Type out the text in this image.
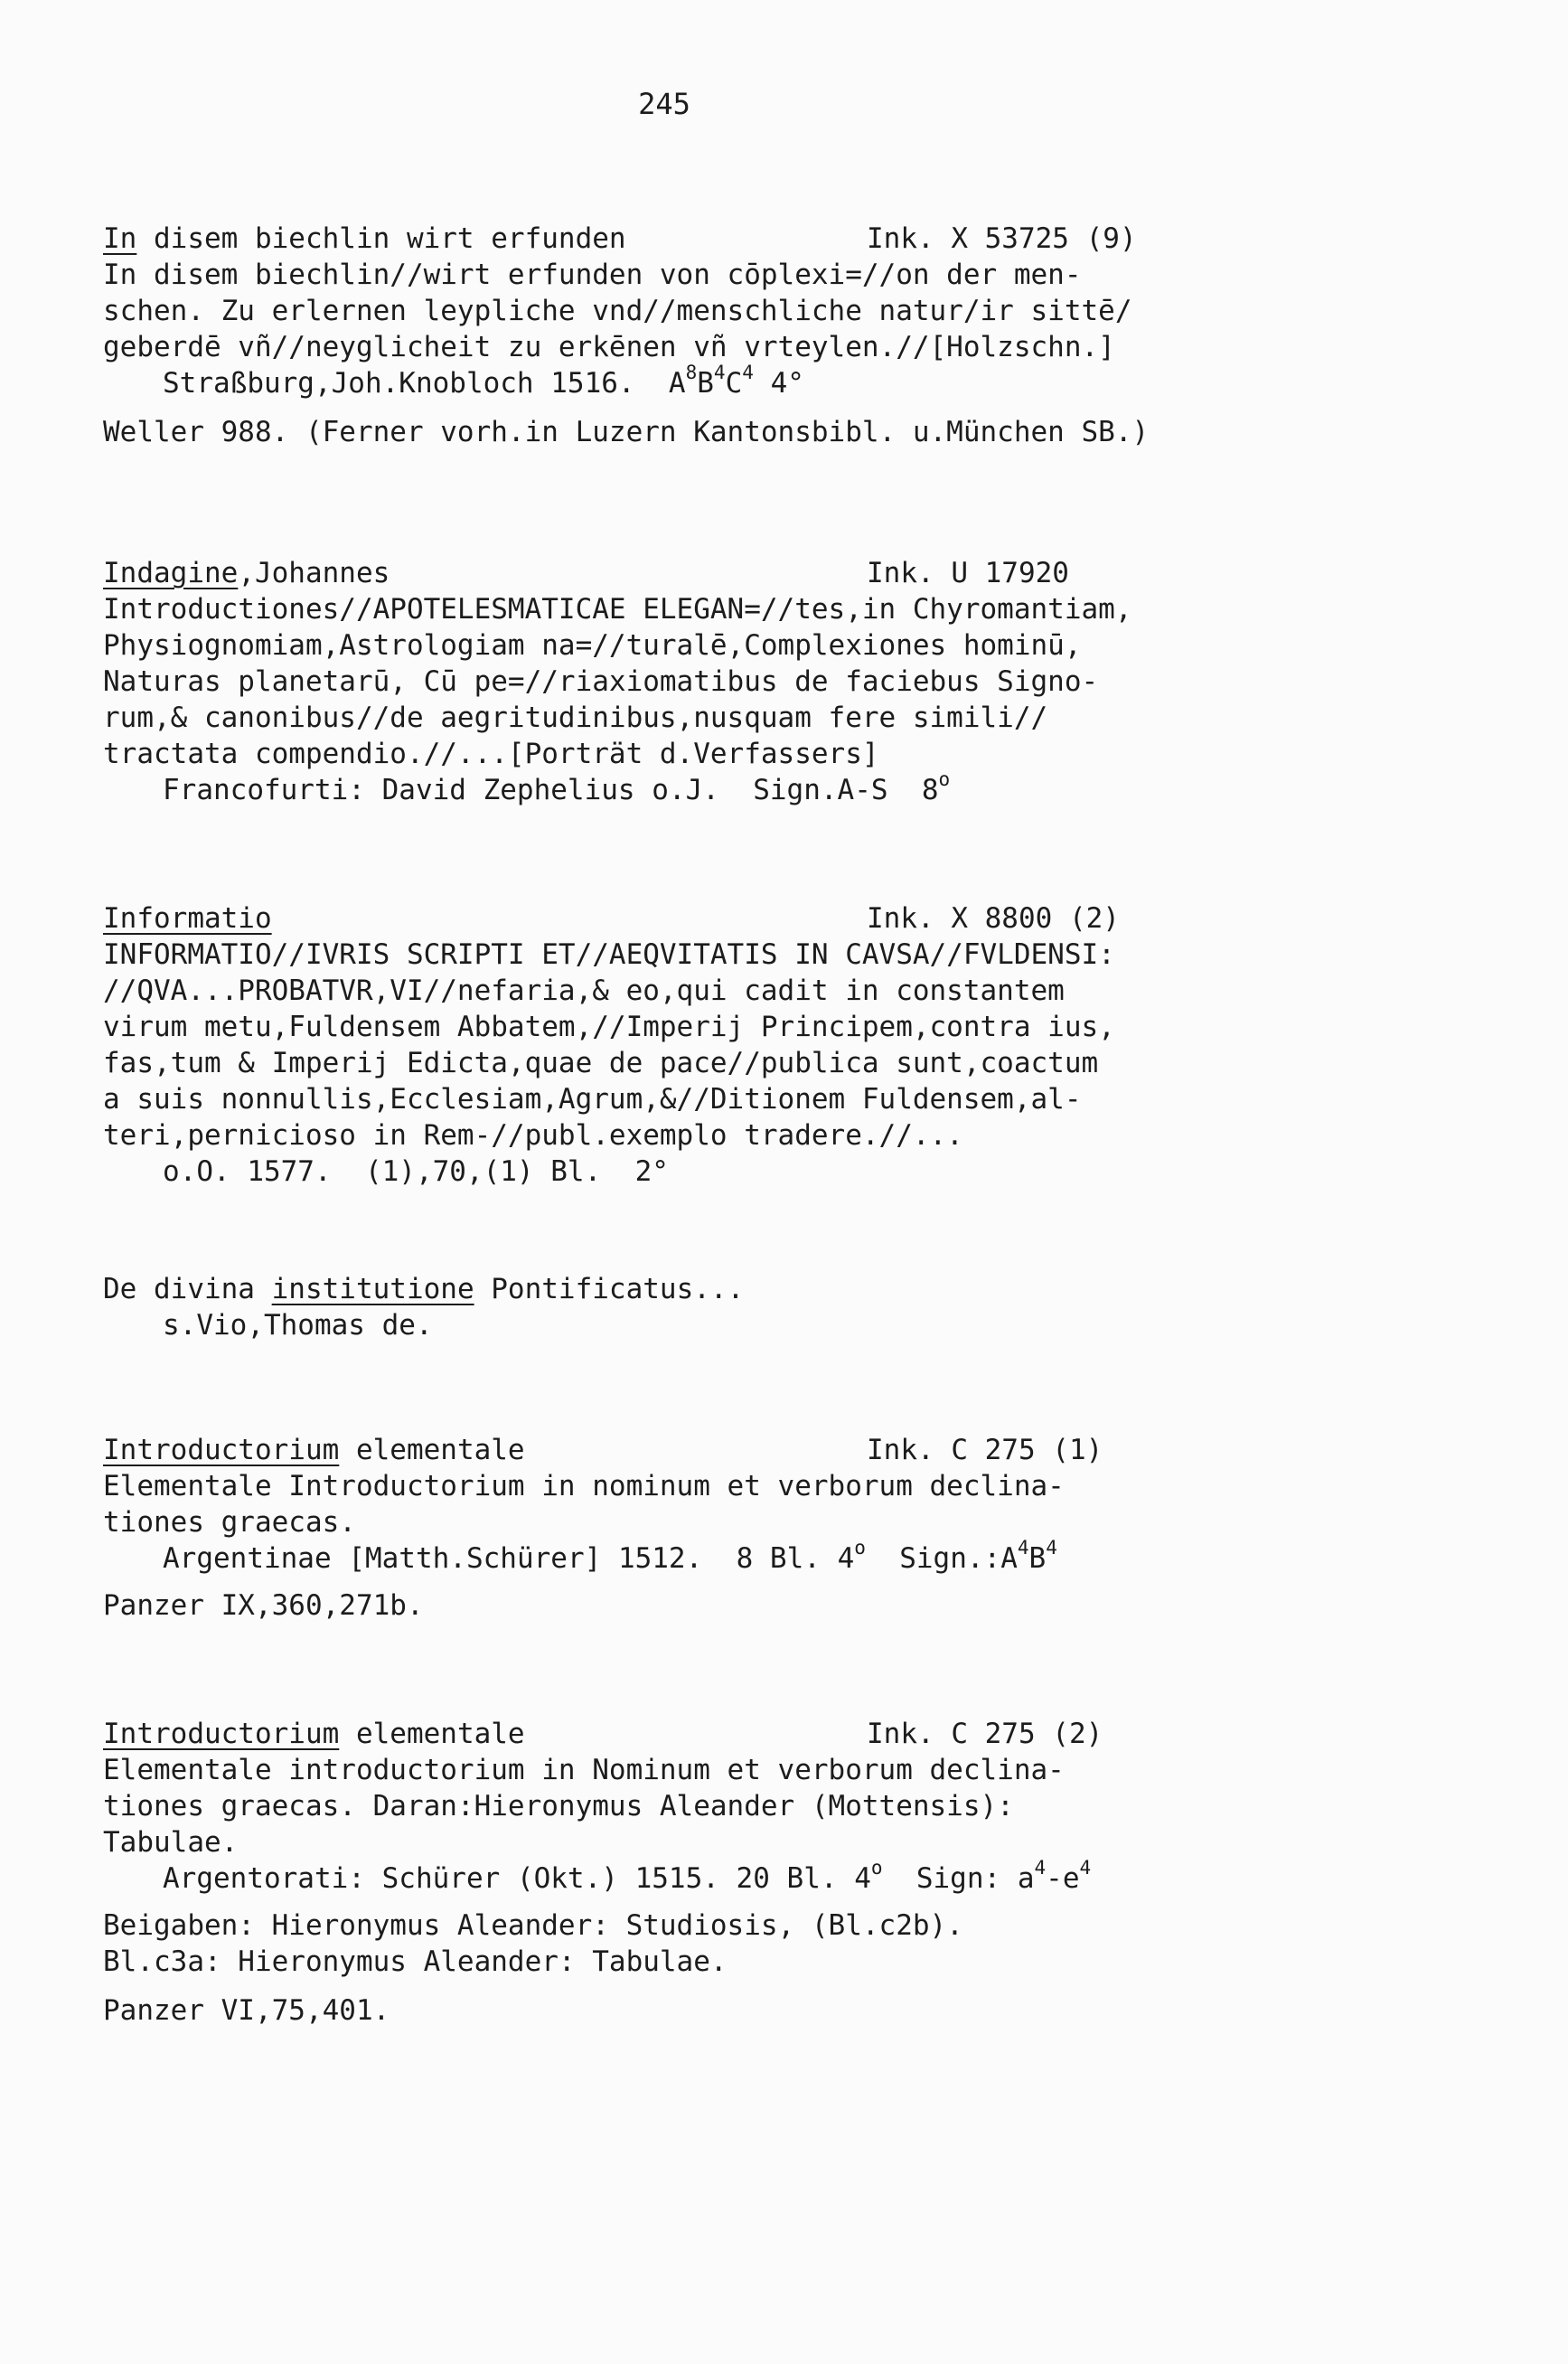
245
In disem biechlin wirt erfunden	Ink. X 53725 (9)
In disem biechlin//wirt erfunden von cōplexi=//on der men-
schen. Zu erlernen leypliche vnd//menschliche natur/ir sittē/
geberdē vñ//neyglicheit zu erkēnen vñ vrteylen.//[Holzschn.]
Straßburg,Joh.Knobloch 1516. $A^8B^4C^4$ 4°
Weller 988. (Ferner vorh.in Luzern Kantonsbibl. u.München SB.)
Indagine,Johannes	Ink. U 17920
Introductiones//APOTELESMATICAE ELEGAN=//tes,in Chyromantiam,
Physiognomiam,Astrologiam na=//turalē,Complexiones hominū,
Naturas planetarū, Cū pe=//riaxiomatibus de faciebus Signo-
rum,& canonibus//de aegritudinibus,nusquam fere simili//
tractata compendio.//...[Porträt d.Verfassers]
Francofurti: David Zephelius o.J. Sign.A-S 8$^o$
Informatio	Ink. X 8800 (2)
INFORMATIO//IVRIS SCRIPTI ET//AEQVITATIS IN CAVSA//FVLDENSI:
//QVA...PROBATVR,VI//nefaria,& eo,qui cadit in constantem
virum metu,Fuldensem Abbatem,//Imperij Principem,contra ius,
fas,tum & Imperij Edicta,quae de pace//publica sunt,coactum
a suis nonnullis,Ecclesiam,Agrum,&//Ditionem Fuldensem,al-
teri,pernicioso in Rem-//publ.exemplo tradere.//...
o.O. 1577.  (1),70,(1) Bl.  2°
De divina institutione Pontificatus...
s.Vio,Thomas de.
Introductorium elementale	Ink. C 275 (1)
Elementale Introductorium in nominum et verborum declina-
tiones graecas.
Argentinae [Matth.Schürer] 1512.  8 Bl. 4$^o$ $Sign.:A^4B^4$
Panzer IX,360,271b.
Introductorium elementale	Ink. C 275 (2)
Elementale introductorium in Nominum et verborum declina-
tiones graecas. Daran:Hieronymus Aleander (Mottensis):
Tabulae.
Argentorati: Schürer (Okt.) 1515. 20 Bl. 4$^o$ Sign: $a^4-e^4$
Beigaben: Hieronymus Aleander: Studiosis, (Bl.c2b).
Bl.c3a: Hieronymus Aleander: Tabulae.
Panzer VI,75,401.
